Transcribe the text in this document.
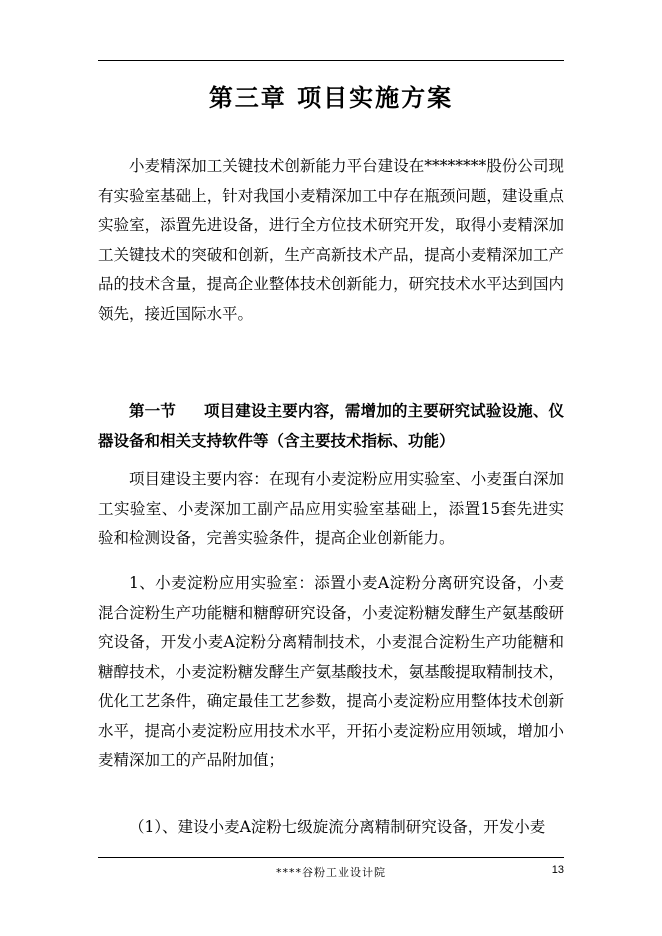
第三章 项目实施方案

小麦精深加工关键技术创新能力平台建设在********股份公司现有实验室基础上，针对我国小麦精深加工中存在瓶颈问题，建设重点实验室，添置先进设备，进行全方位技术研究开发，取得小麦精深加工关键技术的突破和创新，生产高新技术产品，提高小麦精深加工产品的技术含量，提高企业整体技术创新能力，研究技术水平达到国内领先，接近国际水平。

第一节 项目建设主要内容，需增加的主要研究试验设施、仪器设备和相关支持软件等（含主要技术指标、功能）

项目建设主要内容：在现有小麦淀粉应用实验室、小麦蛋白深加工实验室、小麦深加工副产品应用实验室基础上，添置15套先进实验和检测设备，完善实验条件，提高企业创新能力。

1、小麦淀粉应用实验室：添置小麦A淀粉分离研究设备，小麦混合淀粉生产功能糖和糖醇研究设备，小麦淀粉糖发酵生产氨基酸研究设备，开发小麦A淀粉分离精制技术，小麦混合淀粉生产功能糖和糖醇技术，小麦淀粉糖发酵生产氨基酸技术，氨基酸提取精制技术，优化工艺条件，确定最佳工艺参数，提高小麦淀粉应用整体技术创新水平，提高小麦淀粉应用技术水平，开拓小麦淀粉应用领域，增加小麦精深加工的产品附加值；

（1）、建设小麦A淀粉七级旋流分离精制研究设备，开发小麦

****谷粉工业设计院	13
